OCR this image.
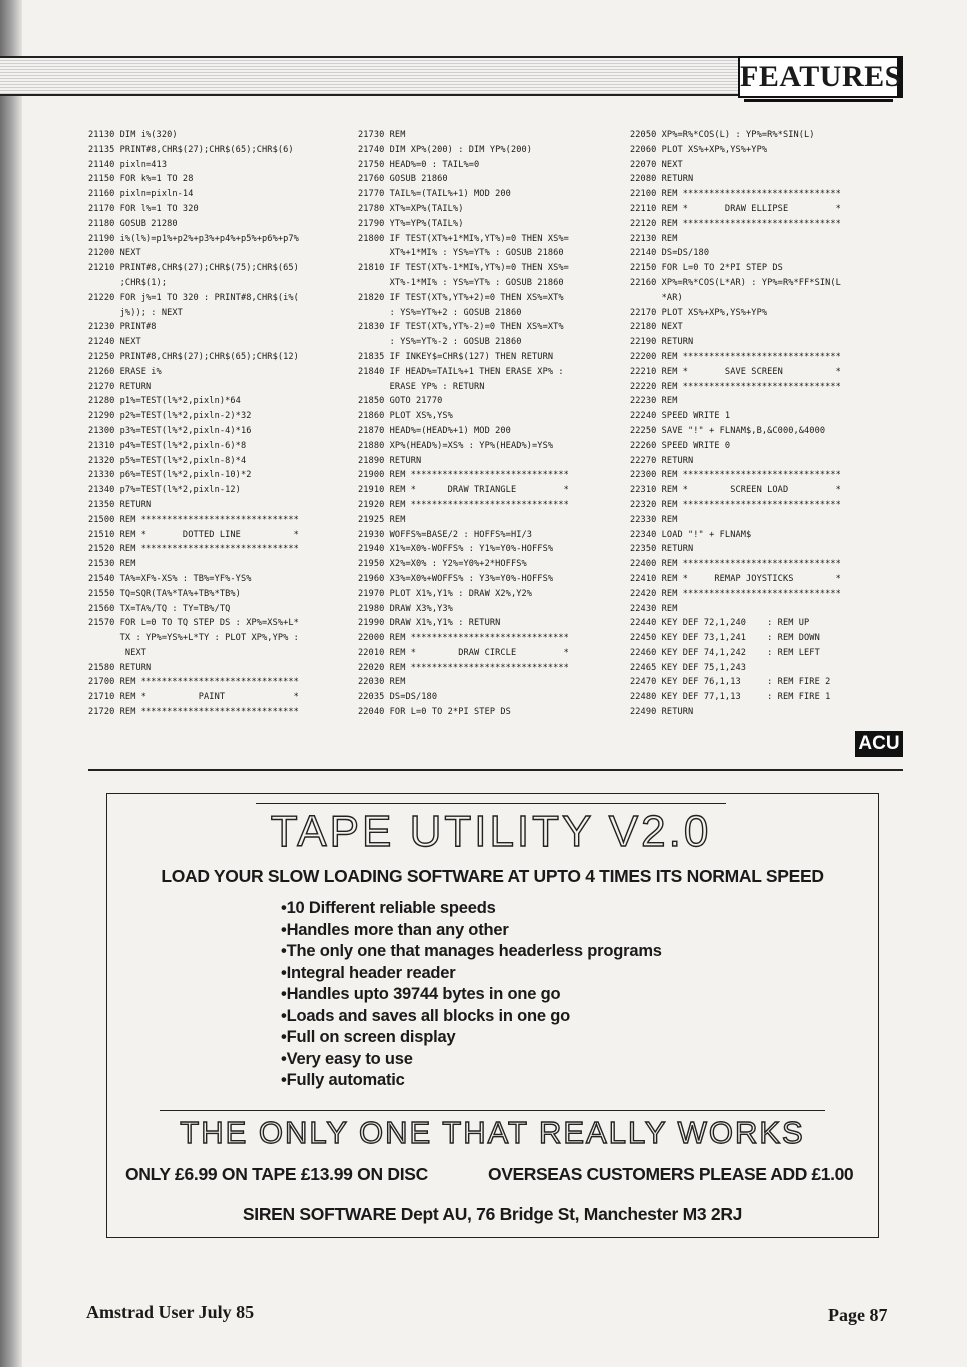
FEATURES
21130 DIM i%(320)
21135 PRINT#8,CHR$(27);CHR$(65);CHR$(6)
21140 pixln=413
21150 FOR k%=1 TO 28
21160 pixln=pixln-14
21170 FOR l%=1 TO 320
21180 GOSUB 21280
21190 i%(l%)=p1%+p2%+p3%+p4%+p5%+p6%+p7%
21200 NEXT
21210 PRINT#8,CHR$(27);CHR$(75);CHR$(65)
;CHR$(1);
21220 FOR j%=1 TO 320 : PRINT#8,CHR$(i%(
j%)); : NEXT
21230 PRINT#8
21240 NEXT
21250 PRINT#8,CHR$(27);CHR$(65);CHR$(12)
21260 ERASE i%
21270 RETURN
21280 p1%=TEST(l%*2,pixln)*64
21290 p2%=TEST(l%*2,pixln-2)*32
21300 p3%=TEST(l%*2,pixln-4)*16
21310 p4%=TEST(l%*2,pixln-6)*8
21320 p5%=TEST(l%*2,pixln-8)*4
21330 p6%=TEST(l%*2,pixln-10)*2
21340 p7%=TEST(l%*2,pixln-12)
21350 RETURN
21500 REM ******************************
21510 REM *       DOTTED LINE          *
21520 REM ******************************
21530 REM
21540 TA%=XF%-XS% : TB%=YF%-YS%
21550 TQ=SQR(TA%*TA%+TB%*TB%)
21560 TX=TA%/TQ : TY=TB%/TQ
21570 FOR L=0 TO TQ STEP DS : XP%=XS%+L*
TX : YP%=YS%+L*TY : PLOT XP%,YP% :
NEXT
21580 RETURN
21700 REM ******************************
21710 REM *          PAINT             *
21720 REM ******************************
21730 REM
21740 DIM XP%(200) : DIM YP%(200)
21750 HEAD%=0 : TAIL%=0
21760 GOSUB 21860
21770 TAIL%=(TAIL%+1) MOD 200
21780 XT%=XP%(TAIL%)
21790 YT%=YP%(TAIL%)
21800 IF TEST(XT%+1*MI%,YT%)=0 THEN XS%=
XT%+1*MI% : YS%=YT% : GOSUB 21860
21810 IF TEST(XT%-1*MI%,YT%)=0 THEN XS%=
XT%-1*MI% : YS%=YT% : GOSUB 21860
21820 IF TEST(XT%,YT%+2)=0 THEN XS%=XT%
: YS%=YT%+2 : GOSUB 21860
21830 IF TEST(XT%,YT%-2)=0 THEN XS%=XT%
: YS%=YT%-2 : GOSUB 21860
21835 IF INKEY$=CHR$(127) THEN RETURN
21840 IF HEAD%=TAIL%+1 THEN ERASE XP% :
ERASE YP% : RETURN
21850 GOTO 21770
21860 PLOT XS%,YS%
21870 HEAD%=(HEAD%+1) MOD 200
21880 XP%(HEAD%)=XS% : YP%(HEAD%)=YS%
21890 RETURN
21900 REM ******************************
21910 REM *      DRAW TRIANGLE         *
21920 REM ******************************
21925 REM
21930 WOFFS%=BASE/2 : HOFFS%=HI/3
21940 X1%=X0%-WOFFS% : Y1%=Y0%-HOFFS%
21950 X2%=X0% : Y2%=Y0%+2*HOFFS%
21960 X3%=X0%+WOFFS% : Y3%=Y0%-HOFFS%
21970 PLOT X1%,Y1% : DRAW X2%,Y2%
21980 DRAW X3%,Y3%
21990 DRAW X1%,Y1% : RETURN
22000 REM ******************************
22010 REM *        DRAW CIRCLE         *
22020 REM ******************************
22030 REM
22035 DS=DS/180
22040 FOR L=0 TO 2*PI STEP DS
22050 XP%=R%*COS(L) : YP%=R%*SIN(L)
22060 PLOT XS%+XP%,YS%+YP%
22070 NEXT
22080 RETURN
22100 REM ******************************
22110 REM *       DRAW ELLIPSE         *
22120 REM ******************************
22130 REM
22140 DS=DS/180
22150 FOR L=0 TO 2*PI STEP DS
22160 XP%=R%*COS(L*AR) : YP%=R%*FF*SIN(L
*AR)
22170 PLOT XS%+XP%,YS%+YP%
22180 NEXT
22190 RETURN
22200 REM ******************************
22210 REM *       SAVE SCREEN          *
22220 REM ******************************
22230 REM
22240 SPEED WRITE 1
22250 SAVE "!" + FLNAM$,B,&C000,&4000
22260 SPEED WRITE 0
22270 RETURN
22300 REM ******************************
22310 REM *        SCREEN LOAD         *
22320 REM ******************************
22330 REM
22340 LOAD "!" + FLNAM$
22350 RETURN
22400 REM ******************************
22410 REM *     REMAP JOYSTICKS        *
22420 REM ******************************
22430 REM
22440 KEY DEF 72,1,240    : REM UP
22450 KEY DEF 73,1,241    : REM DOWN
22460 KEY DEF 74,1,242    : REM LEFT
22465 KEY DEF 75,1,243
22470 KEY DEF 76,1,13     : REM FIRE 2
22480 KEY DEF 77,1,13     : REM FIRE 1
22490 RETURN
ACU
TAPE UTILITY V2.0
LOAD YOUR SLOW LOADING SOFTWARE AT UPTO 4 TIMES ITS NORMAL SPEED
• 10 Different reliable speeds
• Handles more than any other
• The only one that manages headerless programs
• Integral header reader
• Handles upto 39744 bytes in one go
• Loads and saves all blocks in one go
• Full on screen display
• Very easy to use
• Fully automatic
THE ONLY ONE THAT REALLY WORKS
ONLY £6.99 ON TAPE £13.99 ON DISC	OVERSEAS CUSTOMERS PLEASE ADD £1.00
SIREN SOFTWARE Dept AU, 76 Bridge St, Manchester M3 2RJ
Amstrad User July 85	Page 87
